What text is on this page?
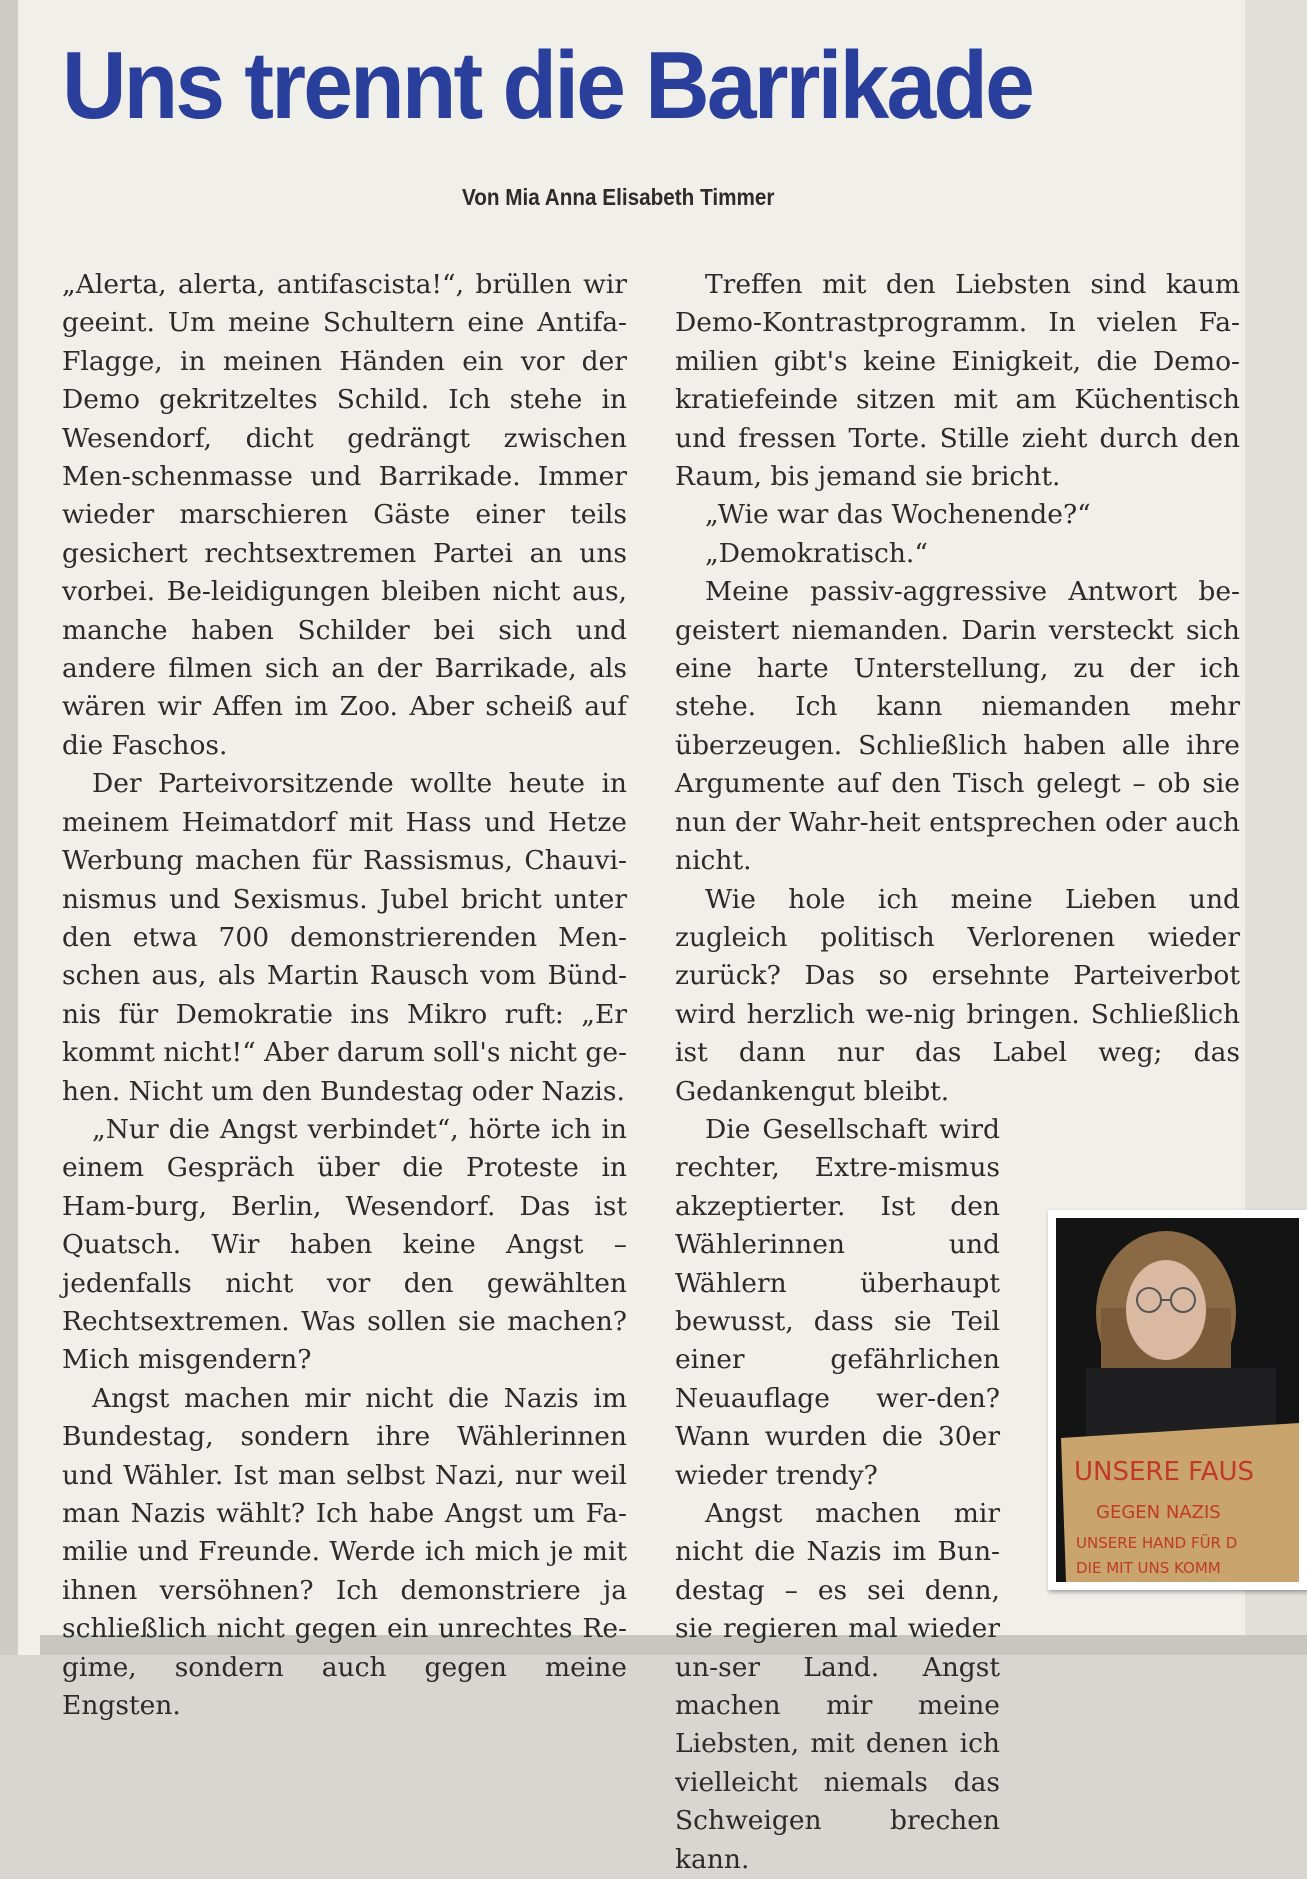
Uns trennt die Barrikade
Von Mia Anna Elisabeth Timmer

„Alerta, alerta, antifascista!“, brüllen wir geeint. Um meine Schultern eine Antifa-Flagge, in meinen Händen ein vor der Demo gekritzeltes Schild. Ich stehe in Wesendorf, dicht gedrängt zwischen Men-schenmasse und Barrikade. Immer wieder marschieren Gäste einer teils gesichert rechtsextremen Partei an uns vorbei. Be-leidigungen bleiben nicht aus, manche haben Schilder bei sich und andere filmen sich an der Barrikade, als wären wir Affen im Zoo. Aber scheiß auf die Faschos.

Der Parteivorsitzende wollte heute in meinem Heimatdorf mit Hass und Hetze Werbung machen für Rassismus, Chauvi-nismus und Sexismus. Jubel bricht unter den etwa 700 demonstrierenden Men-schen aus, als Martin Rausch vom Bünd-nis für Demokratie ins Mikro ruft: „Er kommt nicht!“ Aber darum soll's nicht ge-hen. Nicht um den Bundestag oder Nazis.

„Nur die Angst verbindet“, hörte ich in einem Gespräch über die Proteste in Ham-burg, Berlin, Wesendorf. Das ist Quatsch. Wir haben keine Angst – jedenfalls nicht vor den gewählten Rechtsextremen. Was sollen sie machen? Mich misgendern?

Angst machen mir nicht die Nazis im Bundestag, sondern ihre Wählerinnen und Wähler. Ist man selbst Nazi, nur weil man Nazis wählt? Ich habe Angst um Fa-milie und Freunde. Werde ich mich je mit ihnen versöhnen? Ich demonstriere ja schließlich nicht gegen ein unrechtes Re-gime, sondern auch gegen meine Engsten.

Treffen mit den Liebsten sind kaum Demo-Kontrastprogramm. In vielen Fa-milien gibt's keine Einigkeit, die Demo-kratiefeinde sitzen mit am Küchentisch und fressen Torte. Stille zieht durch den Raum, bis jemand sie bricht.

„Wie war das Wochenende?“

„Demokratisch.“

Meine passiv-aggressive Antwort be-geistert niemanden. Darin versteckt sich eine harte Unterstellung, zu der ich stehe. Ich kann niemanden mehr überzeugen. Schließlich haben alle ihre Argumente auf den Tisch gelegt – ob sie nun der Wahr-heit entsprechen oder auch nicht.

Wie hole ich meine Lieben und zugleich politisch Verlorenen wieder zurück? Das so ersehnte Parteiverbot wird herzlich we-nig bringen. Schließlich ist dann nur das Label weg; das Gedankengut bleibt.

Die Gesellschaft wird rechter, Extre-mismus akzeptierter. Ist den Wählerinnen und Wählern überhaupt bewusst, dass sie Teil einer gefährlichen Neuauflage wer-den? Wann wurden die 30er wieder trendy?

Angst machen mir nicht die Nazis im Bun-destag – es sei denn, sie regieren mal wieder un-ser Land. Angst machen mir meine Liebsten, mit denen ich vielleicht niemals das Schweigen brechen kann.

UNSERE FAUS
GEGEN NAZIS
UNSERE HAND FÜR D
DIE MIT UNS KOMM
